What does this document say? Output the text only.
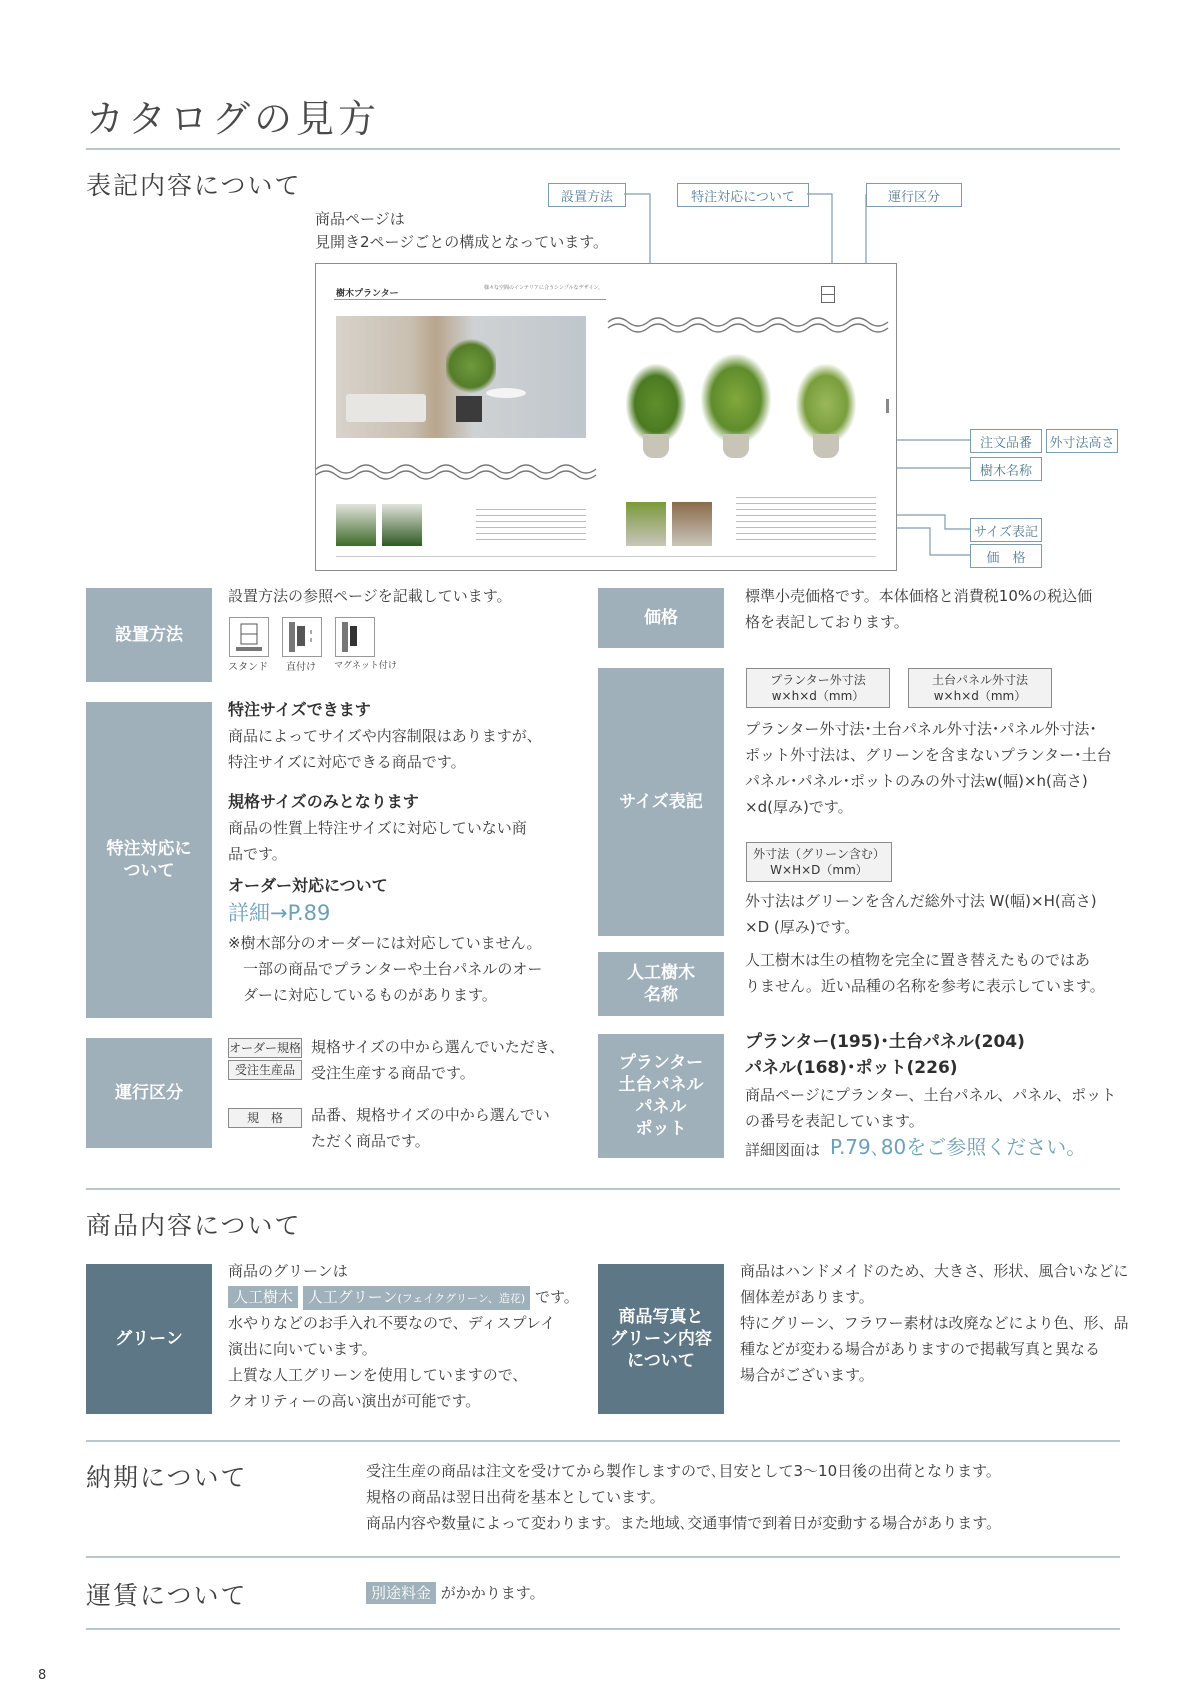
カタログの見方
表記内容について
商品ページは
見開き2ページごとの構成となっています。
設置方法	特注対応について	運行区分
注文品番	外寸法高さ
樹木名称
サイズ表記
価　格
樹木プランター
様々な空間のインテリアに合うシンプルなデザイン。
設置方法
設置方法の参照ページを記載しています。
スタンド 直付け マグネット付け
特注対応に
ついて
特注サイズできます
商品によってサイズや内容制限はありますが、
特注サイズに対応できる商品です。
規格サイズのみとなります
商品の性質上特注サイズに対応していない商
品です。
オーダー対応について
詳細→P.89
※樹木部分のオーダーには対応していません。
　一部の商品でプランターや土台パネルのオー
　ダーに対応しているものがあります。
運行区分
オーダー規格
受注生産品
規格サイズの中から選んでいただき、
受注生産する商品です。
規　格	品番、規格サイズの中から選んでい
ただく商品です。
価格
標準小売価格です。本体価格と消費税10%の税込価
格を表記しております。
サイズ表記
プランター外寸法
w×h×d（mm）
土台パネル外寸法
w×h×d（mm）
プランター外寸法･土台パネル外寸法･パネル外寸法･
ポット外寸法は、グリーンを含まないプランター･土台
パネル･パネル･ポットのみの外寸法w(幅)×h(高さ)
×d(厚み)です。
外寸法（グリーン含む）
W×H×D（mm）
外寸法はグリーンを含んだ総外寸法 W(幅)×H(高さ)
×D (厚み)です。
人工樹木
名称
人工樹木は生の植物を完全に置き替えたものではあ
りません。近い品種の名称を参考に表示しています。
プランター
土台パネル
パネル
ポット
プランター(195)･土台パネル(204)
パネル(168)･ポット(226)
商品ページにプランター、土台パネル、パネル、ポット
の番号を表記しています。
詳細図面は P.79､80をご参照ください。
商品内容について
グリーン
商品のグリーンは
人工樹木 人工グリーン(フェイクグリーン、造花) です。
水やりなどのお手入れ不要なので、ディスプレイ
演出に向いています。
上質な人工グリーンを使用していますので、
クオリティーの高い演出が可能です。
商品写真と
グリーン内容
について
商品はハンドメイドのため、大きさ、形状、風合いなどに
個体差があります。
特にグリーン、フラワー素材は改廃などにより色、形、品
種などが変わる場合がありますので掲載写真と異なる
場合がございます。
納期について	受注生産の商品は注文を受けてから製作しますので､目安として3〜10日後の出荷となります。
規格の商品は翌日出荷を基本としています。
商品内容や数量によって変わります。また地域､交通事情で到着日が変動する場合があります。
運賃について	別途料金 がかかります。
8
